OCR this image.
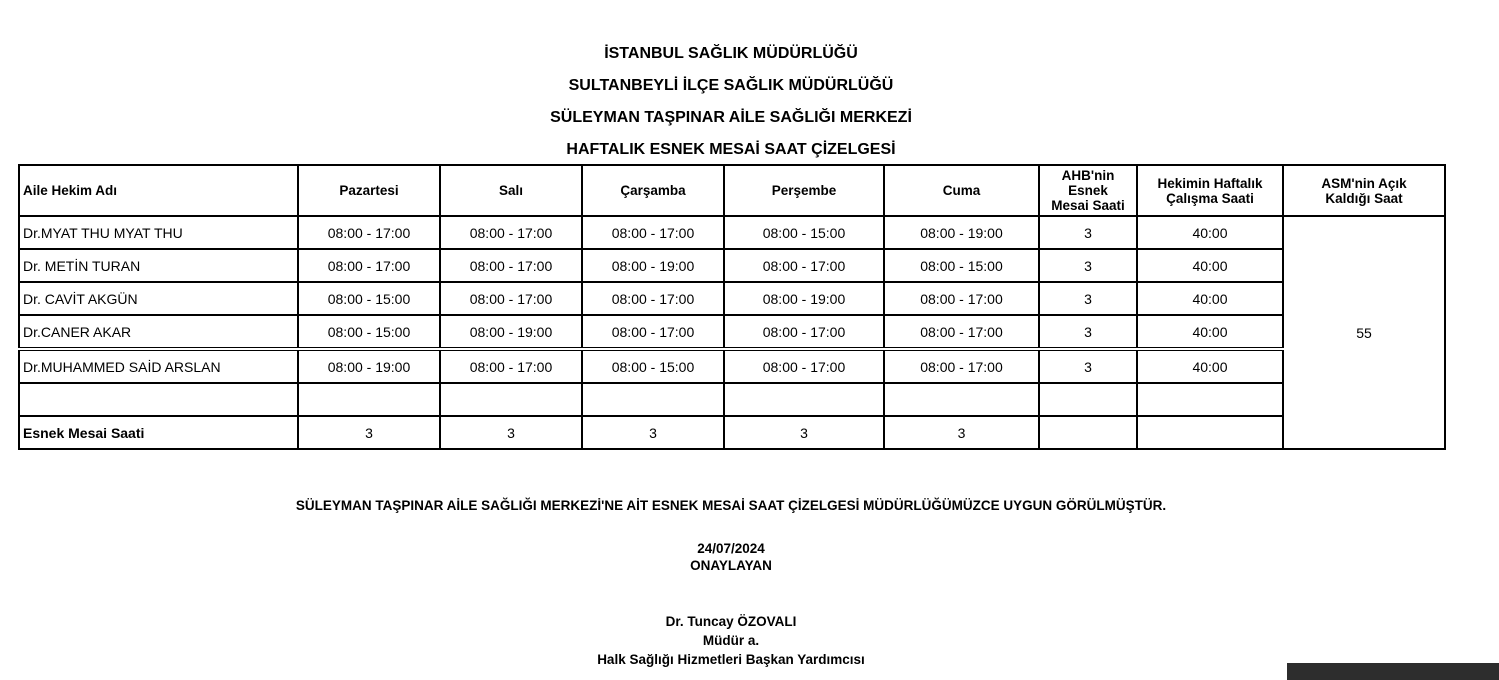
İSTANBUL SAĞLIK MÜDÜRLÜĞÜ
SULTANBEYLİ İLÇE SAĞLIK MÜDÜRLÜĞÜ
SÜLEYMAN TAŞPINAR AİLE SAĞLIĞI MERKEZİ
HAFTALIK ESNEK MESAİ SAAT ÇİZELGESİ
Aile Hekim Adı	Pazartesi	Salı	Çarşamba	Perşembe	Cuma	AHB'nin
Esnek
Mesai Saati	Hekimin Haftalık
Çalışma Saati	ASM'nin Açık
Kaldığı Saat
Dr.MYAT THU MYAT THU	08:00 - 17:00	08:00 - 17:00	08:00 - 17:00	08:00 - 15:00	08:00 - 19:00	3	40:00	55
Dr. METİN TURAN	08:00 - 17:00	08:00 - 17:00	08:00 - 19:00	08:00 - 17:00	08:00 - 15:00	3	40:00	
Dr. CAVİT AKGÜN	08:00 - 15:00	08:00 - 17:00	08:00 - 17:00	08:00 - 19:00	08:00 - 17:00	3	40:00	
Dr.CANER AKAR	08:00 - 15:00	08:00 - 19:00	08:00 - 17:00	08:00 - 17:00	08:00 - 17:00	3	40:00	
Dr.MUHAMMED SAİD ARSLAN	08:00 - 19:00	08:00 - 17:00	08:00 - 15:00	08:00 - 17:00	08:00 - 17:00	3	40:00	

Esnek Mesai Saati	3	3	3	3	3			
SÜLEYMAN TAŞPINAR AİLE SAĞLIĞI MERKEZİ'NE AİT ESNEK MESAİ SAAT ÇİZELGESİ MÜDÜRLÜĞÜMÜZCE UYGUN GÖRÜLMÜŞTÜR.
24/07/2024
ONAYLAYAN
Dr. Tuncay ÖZOVALI
Müdür a.
Halk Sağlığı Hizmetleri Başkan Yardımcısı
